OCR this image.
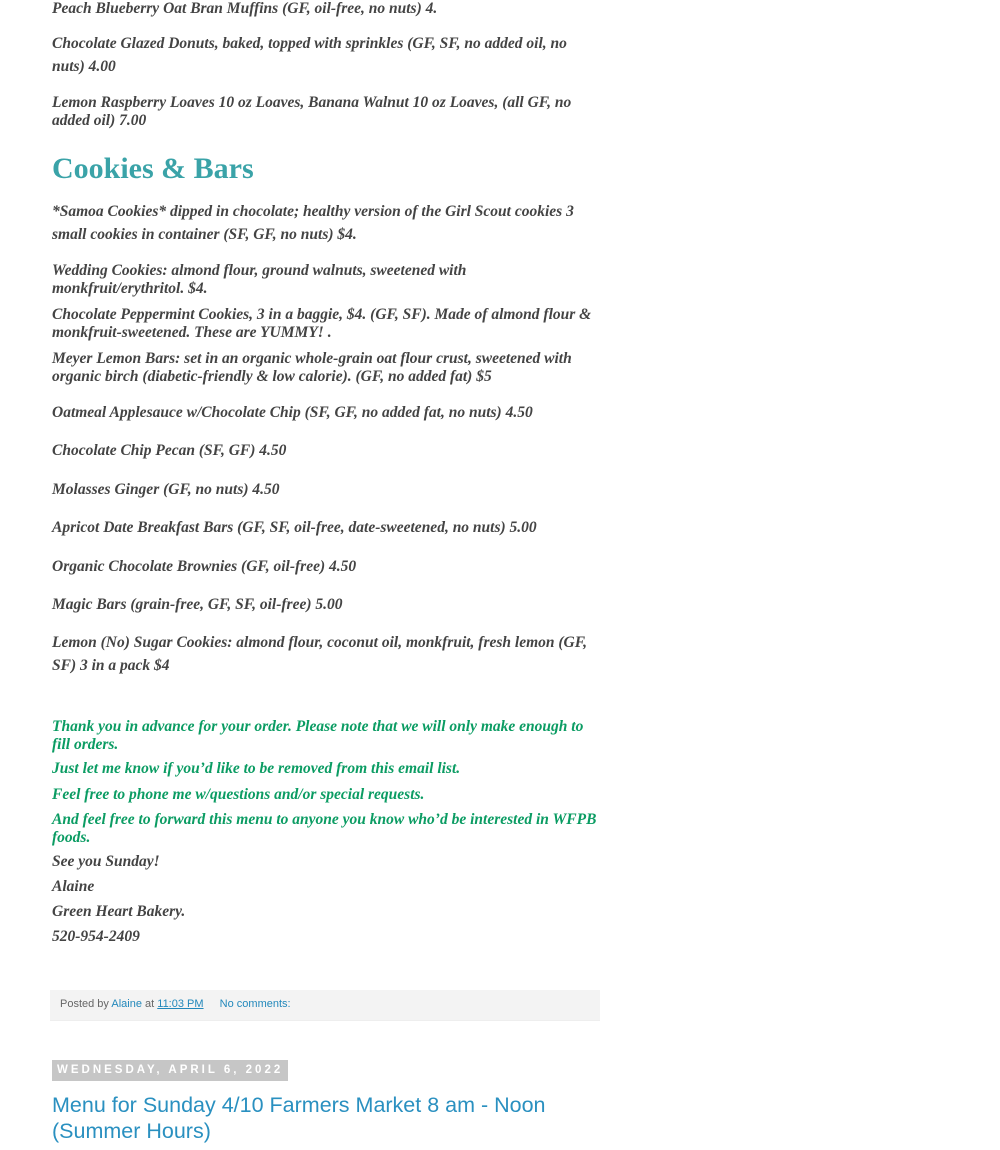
Peach Blueberry Oat Bran Muffins (GF, oil-free, no nuts) 4.

Chocolate Glazed Donuts, baked, topped with sprinkles (GF, SF, no added oil, no nuts) 4.00

Lemon Raspberry Loaves 10 oz Loaves, Banana Walnut 10 oz Loaves, (all GF, no added oil) 7.00

Cookies & Bars

*Samoa Cookies* dipped in chocolate; healthy version of the Girl Scout cookies 3 small cookies in container (SF, GF, no nuts) $4.

Wedding Cookies: almond flour, ground walnuts, sweetened with monkfruit/erythritol. $4.

Chocolate Peppermint Cookies, 3 in a baggie, $4. (GF, SF). Made of almond flour & monkfruit-sweetened. These are YUMMY! .

Meyer Lemon Bars: set in an organic whole-grain oat flour crust, sweetened with organic birch (diabetic-friendly & low calorie). (GF, no added fat) $5

Oatmeal Applesauce w/Chocolate Chip (SF, GF, no added fat, no nuts) 4.50

Chocolate Chip Pecan (SF, GF) 4.50

Molasses Ginger (GF, no nuts) 4.50

Apricot Date Breakfast Bars (GF, SF, oil-free, date-sweetened, no nuts) 5.00

Organic Chocolate Brownies (GF, oil-free) 4.50

Magic Bars (grain-free, GF, SF, oil-free) 5.00

Lemon (No) Sugar Cookies: almond flour, coconut oil, monkfruit, fresh lemon (GF, SF) 3 in a pack $4

Thank you in advance for your order. Please note that we will only make enough to fill orders.

Just let me know if you’d like to be removed from this email list.

Feel free to phone me w/questions and/or special requests.

And feel free to forward this menu to anyone you know who’d be interested in WFPB foods.

See you Sunday!

Alaine

Green Heart Bakery.

520-954-2409

Posted by Alaine at 11:03 PM No comments:
WEDNESDAY, APRIL 6, 2022
Menu for Sunday 4/10 Farmers Market 8 am - Noon (Summer Hours)
